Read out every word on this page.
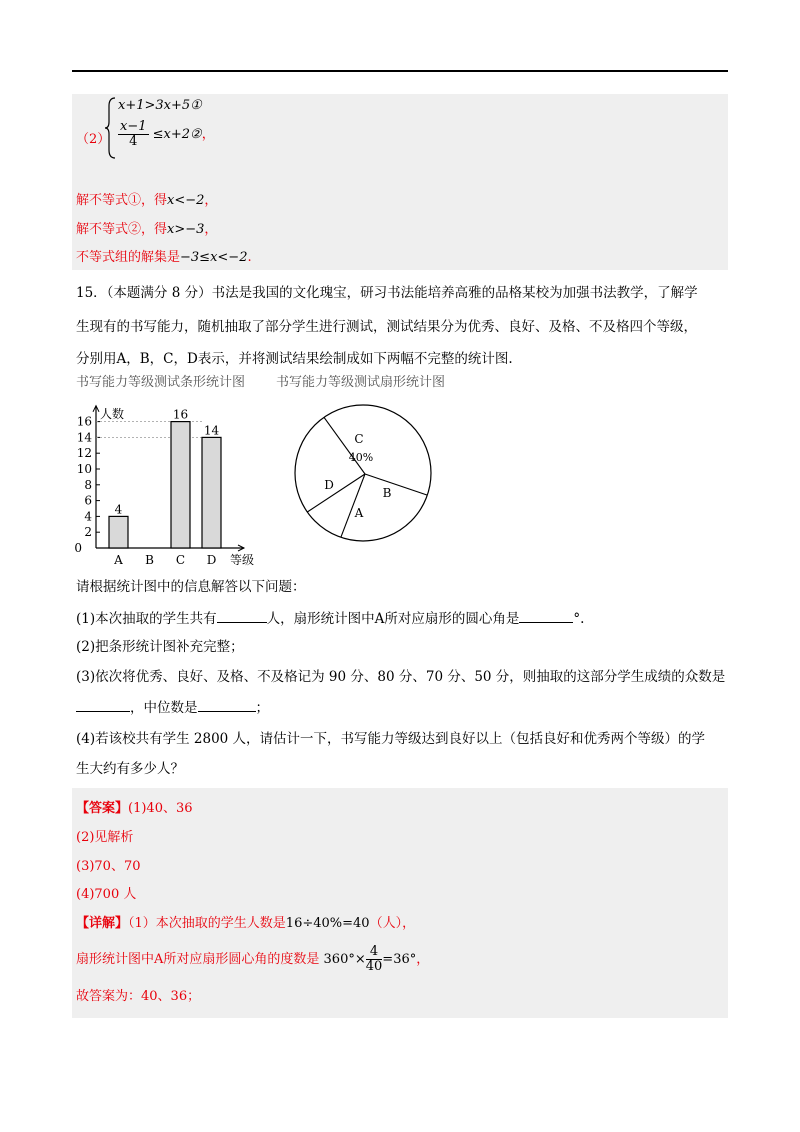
（2）
x+1>3x+5①
$\frac{x-1}{4}$ ≤x+2②，
解不等式①，得x<−2，
解不等式②，得x>−3，
不等式组的解集是−3≤x<−2.
15．（本题满分 8 分）书法是我国的文化瑰宝，研习书法能培养高雅的品格某校为加强书法教学，了解学
生现有的书写能力，随机抽取了部分学生进行测试，测试结果分为优秀、良好、及格、不及格四个等级，
分别用A，B，C，D表示，并将测试结果绘制成如下两幅不完整的统计图.
书写能力等级测试条形统计图 书写能力等级测试扇形统计图
0
2
4
6
8
10
12
14
16
人数
A
4
B C
16
D
14
等级
C
40%
B
A
D
请根据统计图中的信息解答以下问题：
(1)本次抽取的学生共有	人，扇形统计图中A所对应扇形的圆心角是	°.
(2)把条形统计图补充完整；
(3)依次将优秀、良好、及格、不及格记为 90 分、80 分、70 分、50 分，则抽取的这部分学生成绩的众数是
，中位数是	；
(4)若该校共有学生 2800 人，请估计一下，书写能力等级达到良好以上（包括良好和优秀两个等级）的学
生大约有多少人？
【答案】(1)40、36
(2)见解析
(3)70、70
(4)700 人
【详解】（1）本次抽取的学生人数是16÷40%=40（人），
扇形统计图中A所对应扇形圆心角的度数是 $360^\circ\times \frac{4}{40} =36^\circ$，
故答案为：40、36；
